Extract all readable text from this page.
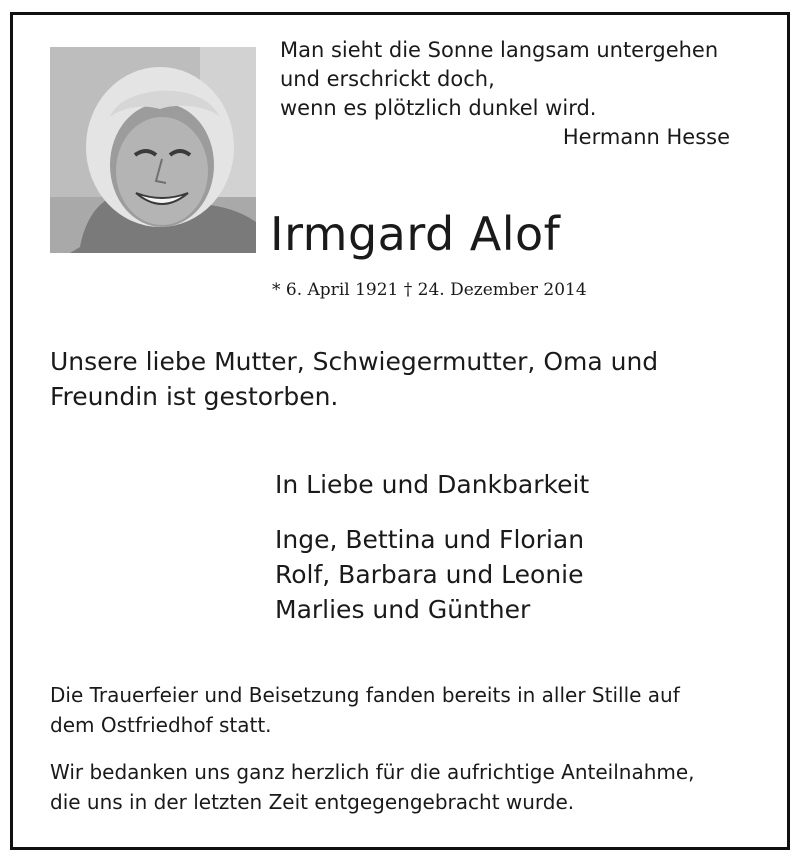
Man sieht die Sonne langsam untergehen
und erschrickt doch,
wenn es plötzlich dunkel wird.
Hermann Hesse
Irmgard Alof
* 6. April 1921 † 24. Dezember 2014
Unsere liebe Mutter, Schwiegermutter, Oma und
Freundin ist gestorben.
In Liebe und Dankbarkeit
Inge, Bettina und Florian
Rolf, Barbara und Leonie
Marlies und Günther
Die Trauerfeier und Beisetzung fanden bereits in aller Stille auf
dem Ostfriedhof statt.
Wir bedanken uns ganz herzlich für die aufrichtige Anteilnahme,
die uns in der letzten Zeit entgegengebracht wurde.
